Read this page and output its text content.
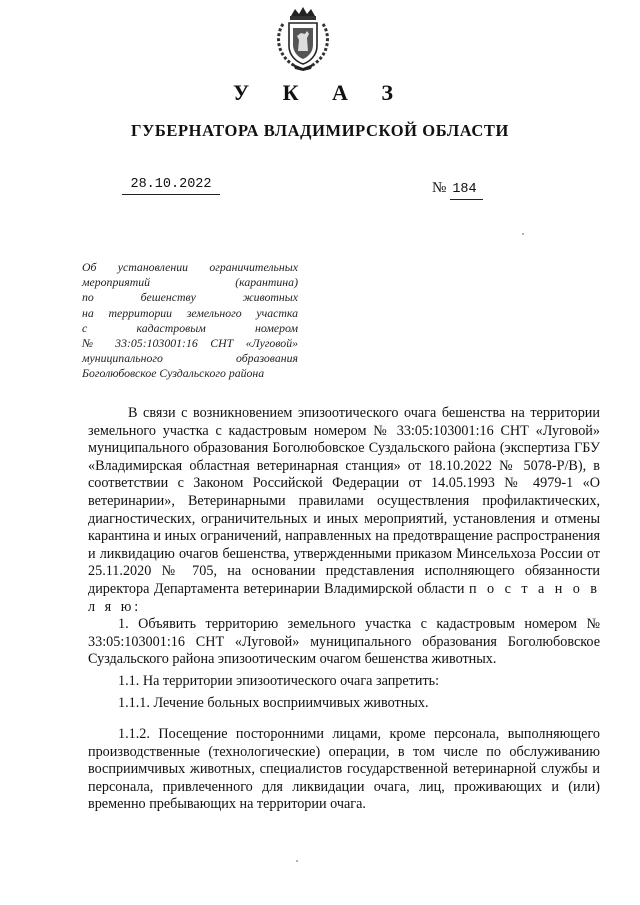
У К А З
ГУБЕРНАТОРА ВЛАДИМИРСКОЙ ОБЛАСТИ
28.10.2022	№ 184
Об установлении ограничительных
мероприятий (карантина)
по бешенству животных
на территории земельного участка
с кадастровым номером
№ 33:05:103001:16 СНТ «Луговой»
муниципального образования
Боголюбовское Суздальского района

В связи с возникновением эпизоотического очага бешенства на территории земельного участка с кадастровым номером № 33:05:103001:16 СНТ «Луговой» муниципального образования Боголюбовское Суздальского района (экспертиза ГБУ «Владимирская областная ветеринарная станция» от 18.10.2022 № 5078-Р/В), в соответствии с Законом Российской Федерации от 14.05.1993 № 4979-1 «О ветеринарии», Ветеринарными правилами осуществления профилактических, диагностических, ограничительных и иных мероприятий, установления и отмены карантина и иных ограничений, направленных на предотвращение распространения и ликвидацию очагов бешенства, утвержденными приказом Минсельхоза России от 25.11.2020 № 705, на основании представления исполняющего обязанности директора Департамента ветеринарии Владимирской области п о с т а н о в л я ю:

1. Объявить территорию земельного участка с кадастровым номером № 33:05:103001:16 СНТ «Луговой» муниципального образования Боголюбовское Суздальского района эпизоотическим очагом бешенства животных.

1.1. На территории эпизоотического очага запретить:

1.1.1. Лечение больных восприимчивых животных.

1.1.2. Посещение посторонними лицами, кроме персонала, выполняющего производственные (технологические) операции, в том числе по обслуживанию восприимчивых животных, специалистов государственной ветеринарной службы и персонала, привлеченного для ликвидации очага, лиц, проживающих и (или) временно пребывающих на территории очага.
